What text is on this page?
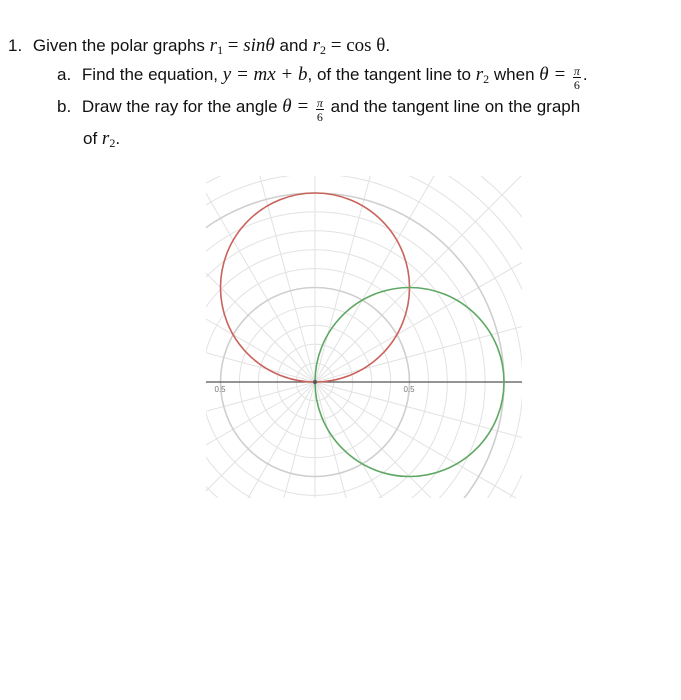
1. Given the polar graphs $r_1 = \sin\theta$ and $r_2 = \cos \theta$.
a. Find the equation, y = mx + b, of the tangent line to $r_2$ when $\theta = \frac{\pi}{6}$ .
b. Draw the ray for the angle $\theta = \frac{\pi}{6}$ and the tangent line on the graph
of $r_2$.
0.5	0.5
